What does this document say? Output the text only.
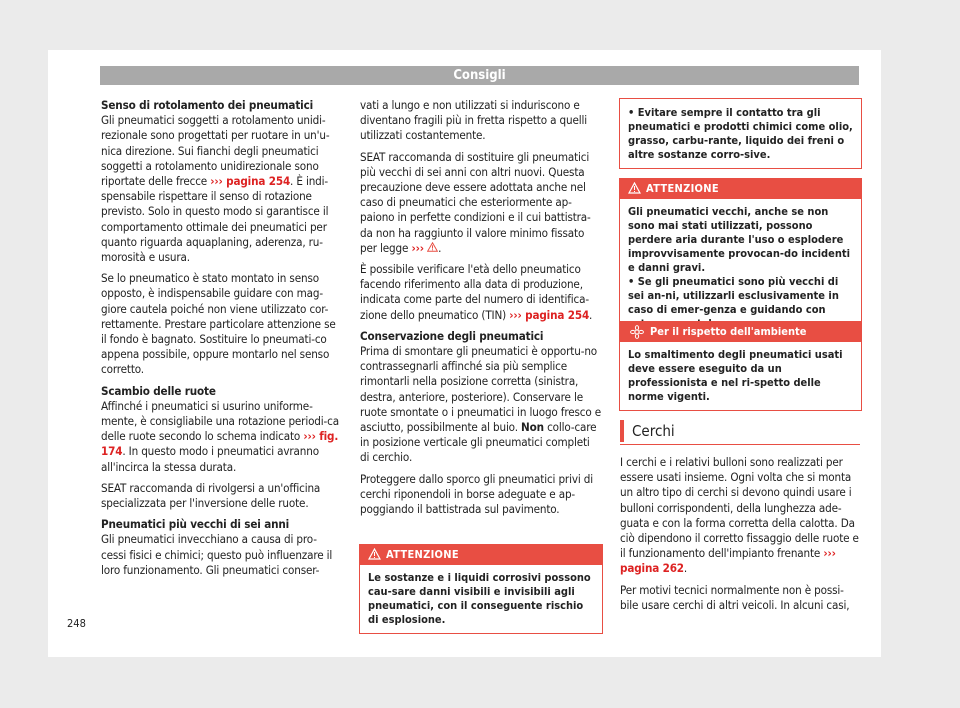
Consigli

Senso di rotolamento dei pneumatici

Gli pneumatici soggetti a rotolamento unidi-rezionale sono progettati per ruotare in un'u-nica direzione. Sui fianchi degli pneumatici soggetti a rotolamento unidirezionale sono riportate delle frecce ››› pagina 254. È indi-spensabile rispettare il senso di rotazione previsto. Solo in questo modo si garantisce il comportamento ottimale dei pneumatici per quanto riguarda aquaplaning, aderenza, ru-morosità e usura.

Se lo pneumatico è stato montato in senso opposto, è indispensabile guidare con mag-giore cautela poiché non viene utilizzato cor-rettamente. Prestare particolare attenzione se il fondo è bagnato. Sostituire lo pneumati-co appena possibile, oppure montarlo nel senso corretto.

Scambio delle ruote

Affinché i pneumatici si usurino uniforme-mente, è consigliabile una rotazione periodi-ca delle ruote secondo lo schema indicato ››› fig. 174. In questo modo i pneumatici avranno all'incirca la stessa durata.

SEAT raccomanda di rivolgersi a un'officina specializzata per l'inversione delle ruote.

Pneumatici più vecchi di sei anni

Gli pneumatici invecchiano a causa di pro-cessi fisici e chimici; questo può influenzare il loro funzionamento. Gli pneumatici conser-

vati a lungo e non utilizzati si induriscono e diventano fragili più in fretta rispetto a quelli utilizzati costantemente.

SEAT raccomanda di sostituire gli pneumatici più vecchi di sei anni con altri nuovi. Questa precauzione deve essere adottata anche nel caso di pneumatici che esteriormente ap-paiono in perfette condizioni e il cui battistra-da non ha raggiunto il valore minimo fissato per legge ››› .

È possibile verificare l'età dello pneumatico facendo riferimento alla data di produzione, indicata come parte del numero di identifica-zione dello pneumatico (TIN) ››› pagina 254.

Conservazione degli pneumatici

Prima di smontare gli pneumatici è opportu-no contrassegnarli affinché sia più semplice rimontarli nella posizione corretta (sinistra, destra, anteriore, posteriore). Conservare le ruote smontate o i pneumatici in luogo fresco e asciutto, possibilmente al buio. Non collo-care in posizione verticale gli pneumatici completi di cerchio.

Proteggere dallo sporco gli pneumatici privi di cerchi riponendoli in borse adeguate e ap-poggiando il battistrada sul pavimento.

ATTENZIONE

Le sostanze e i liquidi corrosivi possono cau-sare danni visibili e invisibili agli pneumatici, con il conseguente rischio di esplosione.

• Evitare sempre il contatto tra gli pneumatici e prodotti chimici come olio, grasso, carbu-rante, liquido dei freni o altre sostanze corro-sive.

ATTENZIONE

Gli pneumatici vecchi, anche se non sono mai stati utilizzati, possono perdere aria durante l'uso o esplodere improvvisamente provocan-do incidenti e danni gravi.

• Se gli pneumatici sono più vecchi di sei an-ni, utilizzarli esclusivamente in caso di emer-genza e guidando con

Per il rispetto dell'ambiente

Lo smaltimento degli pneumatici usati deve essere eseguito da un professionista e nel ri-spetto delle norme vigenti.

Cerchi

I cerchi e i relativi bulloni sono realizzati per essere usati insieme. Ogni volta che si monta un altro tipo di cerchi si devono quindi usare i bulloni corrispondenti, della lunghezza ade-guata e con la forma corretta della calotta. Da ciò dipendono il corretto fissaggio delle ruote e il funzionamento dell'impianto frenante ››› pagina 262.

Per motivi tecnici normalmente non è possi-bile usare cerchi di altri veicoli. In alcuni casi,

248
